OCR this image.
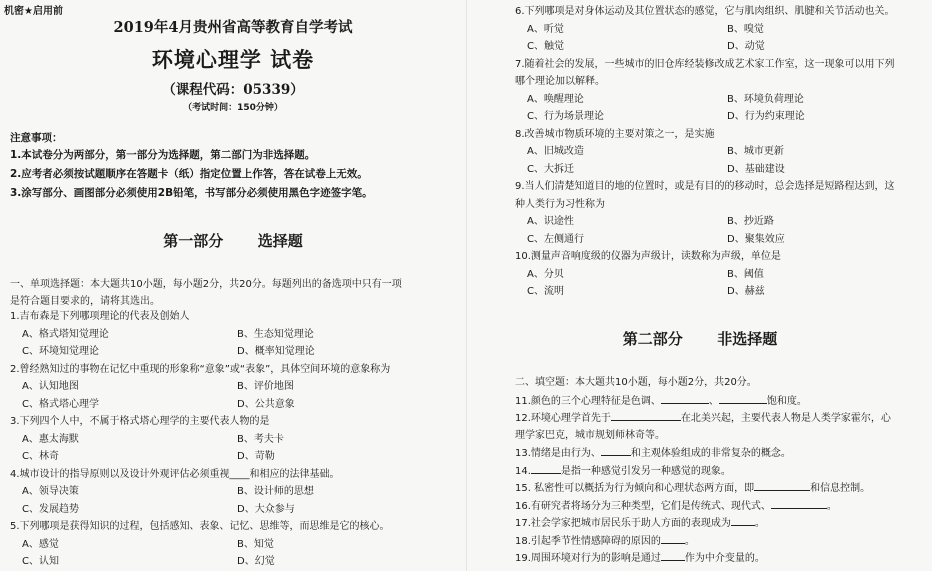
机密★启用前
2019年4月贵州省高等教育自学考试
环境心理学 试卷
（课程代码：05339）
（考试时间：150分钟）
注意事项：
1.本试卷分为两部分，第一部分为选择题，第二部门为非选择题。
2.应考者必须按试题顺序在答题卡（纸）指定位置上作答，答在试卷上无效。
3.涂写部分、画图部分必须使用2B铅笔，书写部分必须使用黑色字迹签字笔。
第一部分 选择题
一、单项选择题：本大题共10小题，每小题2分，共20分。每题列出的备选项中只有一项是符合题目要求的，请将其选出。
1.吉布森是下列哪项理论的代表及创始人
A、格式塔知觉理论	B、生态知觉理论
C、环境知觉理论	D、概率知觉理论
2.曾经熟知过的事物在记忆中重现的形象称“意象”或“表象”，具体空间环境的意象称为
A、认知地图	B、评价地图
C、格式塔心理学	D、公共意象
3.下列四个人中，不属于格式塔心理学的主要代表人物的是
A、惠太海默	B、考夫卡
C、林奇	D、苛勒
4.城市设计的指导原则以及设计外观评估必须重视____和相应的法律基础。
A、领导决策	B、设计师的思想
C、发展趋势	D、大众参与
5.下列哪项是获得知识的过程，包括感知、表象、记忆、思维等，而思维是它的核心。
A、感觉	B、知觉
C、认知	D、幻觉
6.下列哪项是对身体运动及其位置状态的感觉，它与肌肉组织、肌腱和关节活动也关。
A、听觉	B、嗅觉
C、触觉	D、动觉
7.随着社会的发展，一些城市的旧仓库经装修改成艺术家工作室，这一现象可以用下列
哪个理论加以解释。
A、唤醒理论	B、环境负荷理论
C、行为场景理论	D、行为约束理论
8.改善城市物质环境的主要对策之一，是实施
A、旧城改造	B、城市更新
C、大拆迁	D、基础建设
9.当人们清楚知道目的地的位置时，或是有目的的移动时，总会选择是短路程达到，这
种人类行为习性称为
A、识途性	B、抄近路
C、左侧通行	D、聚集效应
10.测量声音响度级的仪器为声级计，读数称为声级，单位是
A、分贝	B、阈值
C、流明	D、赫兹
第二部分 非选择题
二、填空题：本大题共10小题，每小题2分，共20分。
11.颜色的三个心理特征是色调、	、	饱和度。
12.环境心理学首先于	在北美兴起，主要代表人物是人类学家霍尔，心
理学家巴克，城市规划师林奇等。
13.情绪是由行为、	和主观体验组成的非常复杂的概念。
14.	是指一种感觉引发另一种感觉的现象。
15. 私密性可以概括为行为倾向和心理状态两方面，即	和信息控制。
16.有研究者将场分为三种类型，它们是传统式、现代式、	。
17.社会学家把城市居民乐于助人方面的表现成为 。
18.引起季节性情感障碍的原因的 。
19.周围环境对行为的影响是通过 作为中介变量的。
